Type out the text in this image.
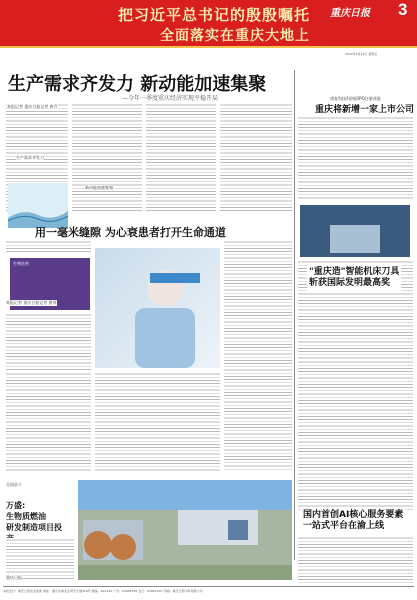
把习近平总书记的殷殷嘱托
全面落实在重庆大地上
重庆日报 3
2024年4月19日 星期五
生产需求齐发力 新动能加速集聚
—今年一季度重庆经济实现平稳开局
本报记者 重庆日报记者 黄乔
生产需求齐发力
新动能加速集聚
用一毫米缝隙 为心衰患者打开生命通道
生物医药
本报记者 重庆日报记者 唐琴
全国首个
万盛:
生物质燃油
研发制造项目投
重庆日报
康复科技科创板IPO注册获批
重庆将新增一家上市公司
"重庆造"智能机床刀具
斩获国际发明最高奖
国内首创AI核心服务要素
一站式平台在渝上线
本报发行：重庆日报报业集团 地址：重庆市渝北区同茂大道416号 邮编：401120 广告：63905335 发行：63851007 印刷：重庆日报印务有限公司
